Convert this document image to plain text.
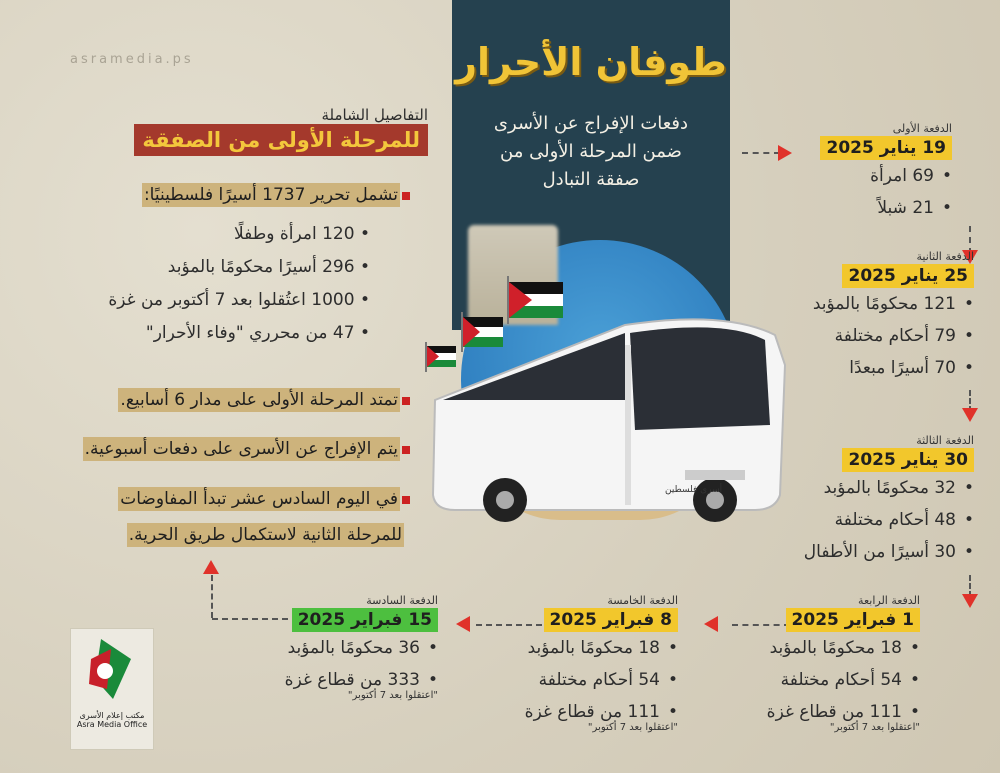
asramedia.ps	طوفان الأحرار
دفعات الإفراج عن الأسرى
ضمن المرحلة الأولى من
صفقة التبادل
أسرى فلسطين
الدفعة الأولى
19 يناير 2025
•69 امرأة
•21 شبلاً
الدفعة الثانية
25 يناير 2025
•121 محكومًا بالمؤبد
•79 أحكام مختلفة
•70 أسيرًا مبعدًا
الدفعة الثالثة
30 يناير 2025
•32 محكومًا بالمؤبد
•48 أحكام مختلفة
•30 أسيرًا من الأطفال
الدفعة الرابعة
1 فبراير 2025
•18 محكومًا بالمؤبد
•54 أحكام مختلفة
•111 من قطاع غزة
"اعتقلوا بعد 7 أكتوبر"
الدفعة الخامسة
8 فبراير 2025
•18 محكومًا بالمؤبد
•54 أحكام مختلفة
•111 من قطاع غزة
"اعتقلوا بعد 7 أكتوبر"
الدفعة السادسة
15 فبراير 2025
•36 محكومًا بالمؤبد
•333 من قطاع غزة
"اعتقلوا بعد 7 أكتوبر"
التفاصيل الشاملة
للمرحلة الأولى من الصفقة
تشمل تحرير 1737 أسيرًا فلسطينيًا:
• 120 امرأة وطفلًا
• 296 أسيرًا محكومًا بالمؤبد
• 1000 اعتُقلوا بعد 7 أكتوبر من غزة
• 47 من محرري "وفاء الأحرار"
تمتد المرحلة الأولى على مدار 6 أسابيع.
يتم الإفراج عن الأسرى على دفعات أسبوعية.
في اليوم السادس عشر تبدأ المفاوضات
للمرحلة الثانية لاستكمال طريق الحرية.
مكتب إعلام الأسرى
Asra Media Office
